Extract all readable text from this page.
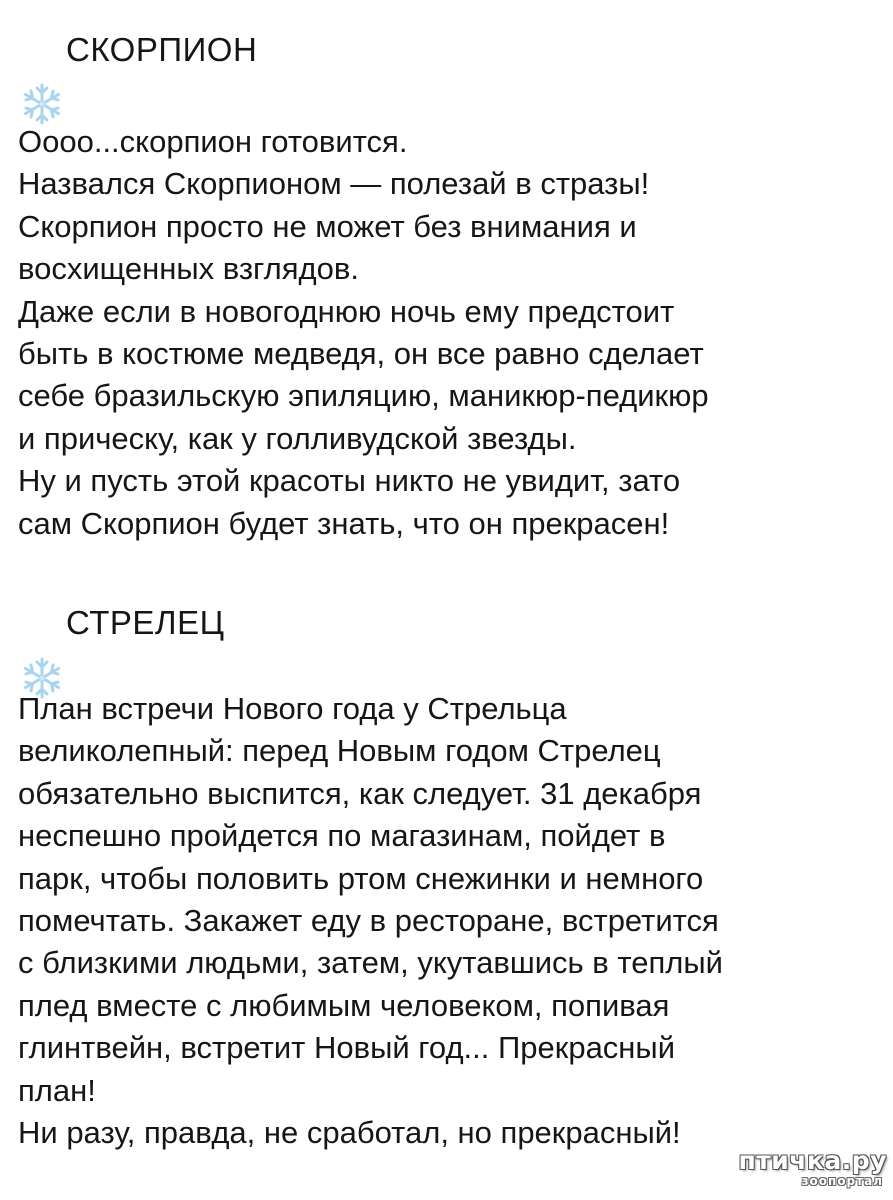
СКОРПИОН

Оооо...скорпион готовится.
Назвался Скорпионом — полезай в стразы!
Скорпион просто не может без внимания и
восхищенных взглядов.
Даже если в новогоднюю ночь ему предстоит
быть в костюме медведя, он все равно сделает
себе бразильскую эпиляцию, маникюр-педикюр
и прическу, как у голливудской звезды.
Ну и пусть этой красоты никто не увидит, зато
сам Скорпион будет знать, что он прекрасен!

СТРЕЛЕЦ

План встречи Нового года у Стрельца
великолепный: перед Новым годом Стрелец
обязательно выспится, как следует. 31 декабря
неспешно пройдется по магазинам, пойдет в
парк, чтобы половить ртом снежинки и немного
помечтать. Закажет еду в ресторане, встретится
с близкими людьми, затем, укутавшись в теплый
плед вместе с любимым человеком, попивая
глинтвейн, встретит Новый год... Прекрасный
план!
Ни разу, правда, не сработал, но прекрасный!

птичка.ру
зоопортал
